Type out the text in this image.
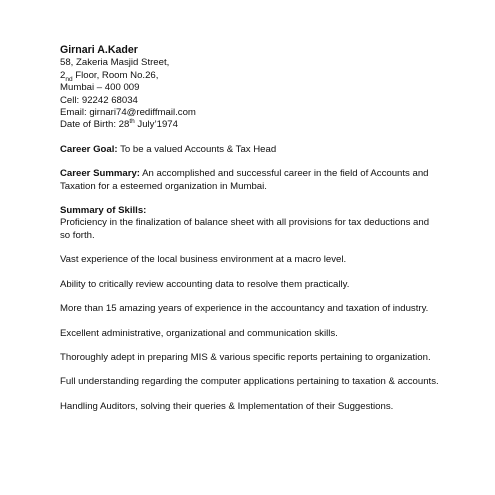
Girnari A.Kader
58, Zakeria Masjid Street,
$2_{nd}$ Floor, Room No.26,
Mumbai – 400 009
Cell: 92242 68034
Email: girnari74@rediffmail.com
Date of Birth: 28th July’1974

Career Goal: To be a valued Accounts & Tax Head

Career Summary: An accomplished and successful career in the field of Accounts and Taxation for a esteemed organization in Mumbai.

Summary of Skills:

Proficiency in the finalization of balance sheet with all provisions for tax deductions and so forth.

Vast experience of the local business environment at a macro level.

Ability to critically review accounting data to resolve them practically.

More than 15 amazing years of experience in the accountancy and taxation of industry.

Excellent administrative, organizational and communication skills.

Thoroughly adept in preparing MIS & various specific reports pertaining to organization.

Full understanding regarding the computer applications pertaining to taxation & accounts.

Handling Auditors, solving their queries & Implementation of their Suggestions.
